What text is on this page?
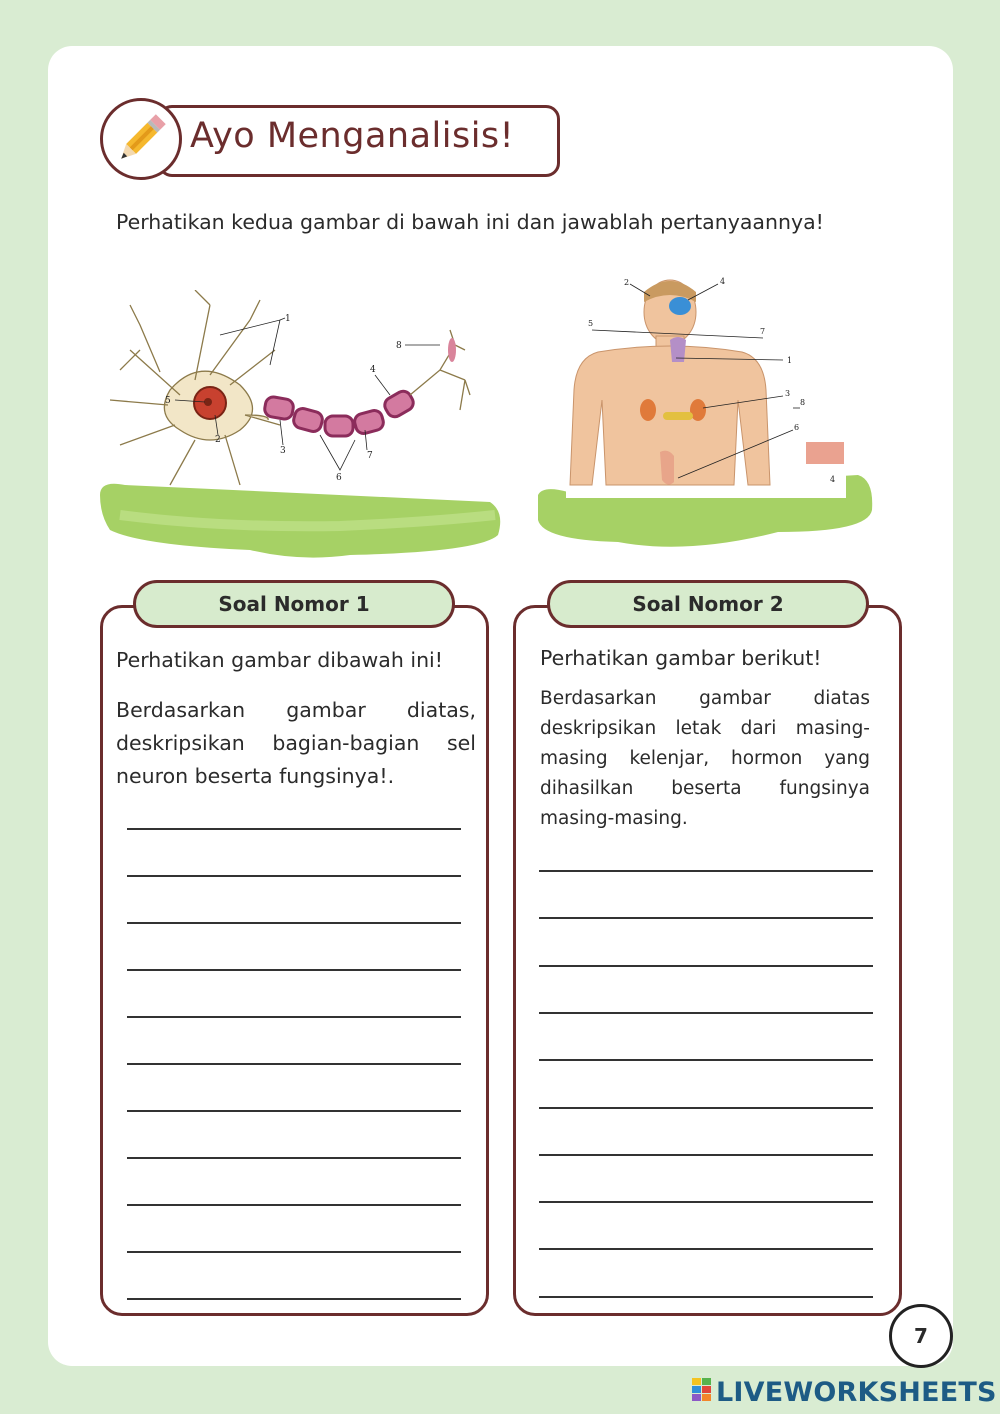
Ayo Menganalisis!
Perhatikan kedua gambar di bawah ini dan jawablah pertanyaannya!
1
8
4
5
2
3	7
6
2	4
5
7
1
3
8
6
4
Soal Nomor 1
Perhatikan gambar dibawah ini!
Berdasarkan gambar diatas, deskripsikan bagian-bagian sel neuron beserta fungsinya!.
Soal Nomor 2
Perhatikan gambar berikut!
Berdasarkan gambar diatas deskripsikan letak dari masing-masing kelenjar, hormon yang dihasilkan beserta fungsinya masing-masing.
7
LIVEWORKSHEETS
